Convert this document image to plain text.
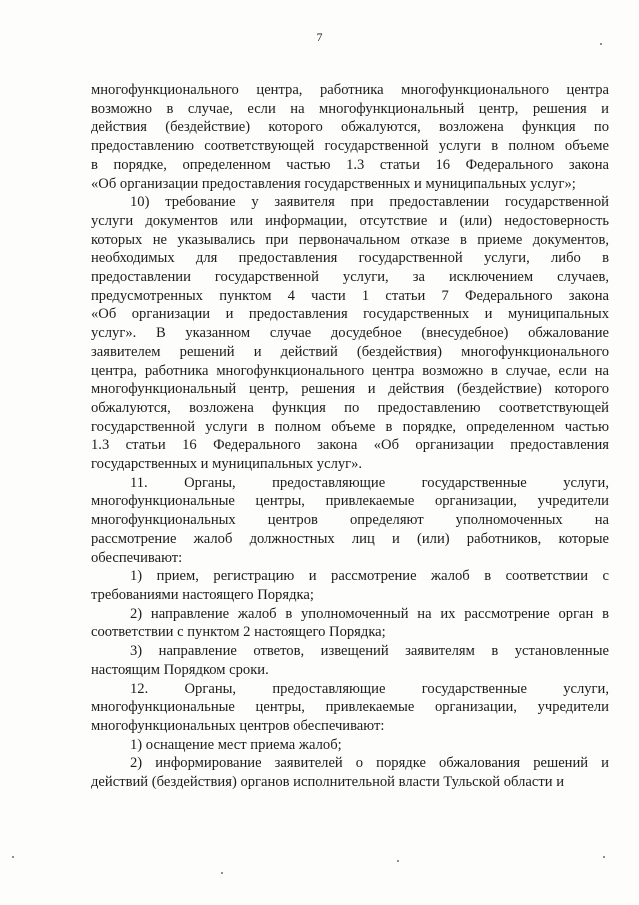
7

многофункционального центра, работника многофункционального центра

возможно в случае, если на многофункциональный центр, решения и

действия (бездействие) которого обжалуются, возложена функция по

предоставлению соответствующей государственной услуги в полном объеме

в порядке, определенном частью 1.3 статьи 16 Федерального закона

«Об организации предоставления государственных и муниципальных услуг»;

10) требование у заявителя при предоставлении государственной

услуги документов или информации, отсутствие и (или) недостоверность

которых не указывались при первоначальном отказе в приеме документов,

необходимых для предоставления государственной услуги, либо в

предоставлении государственной услуги, за исключением случаев,

предусмотренных пунктом 4 части 1 статьи 7 Федерального закона

«Об организации и предоставления государственных и муниципальных

услуг». В указанном случае досудебное (внесудебное) обжалование

заявителем решений и действий (бездействия) многофункционального

центра, работника многофункционального центра возможно в случае, если на

многофункциональный центр, решения и действия (бездействие) которого

обжалуются, возложена функция по предоставлению соответствующей

государственной услуги в полном объеме в порядке, определенном частью

1.3 статьи 16 Федерального закона «Об организации предоставления

государственных и муниципальных услуг».

11. Органы, предоставляющие государственные услуги,

многофункциональные центры, привлекаемые организации, учредители

многофункциональных центров определяют уполномоченных на

рассмотрение жалоб должностных лиц и (или) работников, которые

обеспечивают:

1) прием, регистрацию и рассмотрение жалоб в соответствии с

требованиями настоящего Порядка;

2) направление жалоб в уполномоченный на их рассмотрение орган в

соответствии с пунктом 2 настоящего Порядка;

3) направление ответов, извещений заявителям в установленные

настоящим Порядком сроки.

12. Органы, предоставляющие государственные услуги,

многофункциональные центры, привлекаемые организации, учредители

многофункциональных центров обеспечивают:

1) оснащение мест приема жалоб;

2) информирование заявителей о порядке обжалования решений и

действий (бездействия) органов исполнительной власти Тульской области и
